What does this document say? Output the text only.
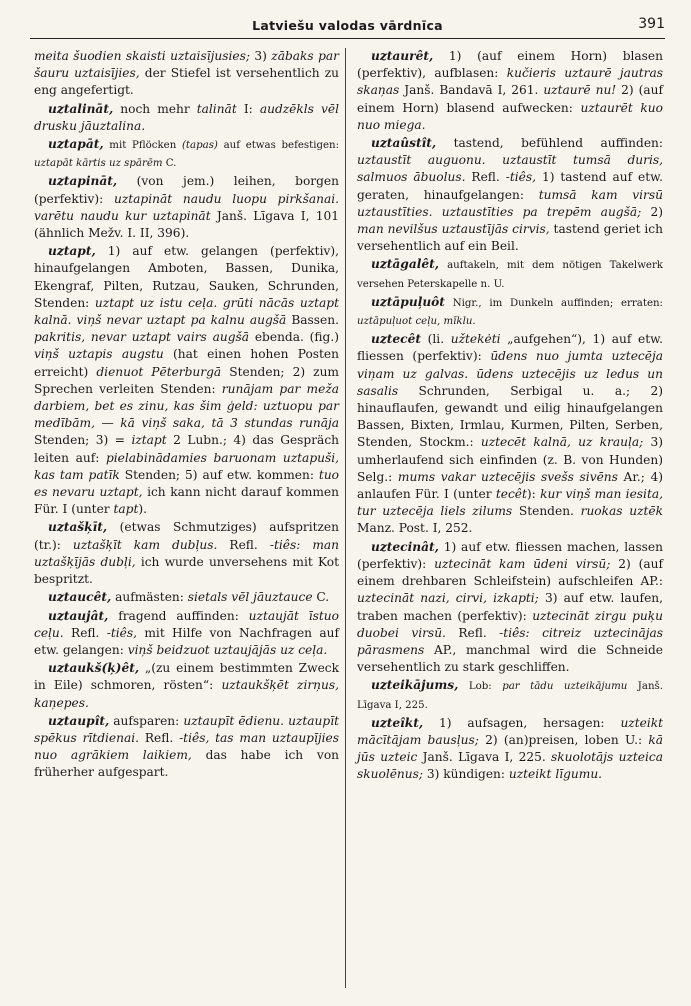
Latviešu valodas vārdnīca	391

meita šuodien skaisti uztaisījusies; 3) zābaks par šauru uztaisījies, der Stiefel ist versehentlich zu eng angefertigt.

uztalināt, noch mehr talināt I: audzēkls vēl drusku jāuztalina.

uztapāt, mit Pflöcken (tapas) auf etwas befestigen: uztapāt kārtis uz spārēm C.

uztapināt, (von jem.) leihen, borgen (perfektiv): uztapināt naudu luopu pirkšanai. varētu naudu kur uztapināt Janš. Līgava I, 101 (ähnlich Mežv. I. II, 396).

uztapt, 1) auf etw. gelangen (perfektiv), hinaufgelangen Amboten, Bassen, Dunika, Ekengraf, Pilten, Rutzau, Sauken, Schrunden, Stenden: uztapt uz istu ceļa. grūti nācās uztapt kalnā. viņš nevar uztapt pa kalnu augšā Bassen. pakritis, nevar uztapt vairs augšā ebenda. (fig.) viņš uztapis augstu (hat einen hohen Posten erreicht) dienuot Pēterburgā Stenden; 2) zum Sprechen verleiten Stenden: runājam par meža darbiem, bet es zinu, kas šim ģeld: uztuopu par medībām, — kā viņš saka, tā 3 stundas runāja Stenden; 3) = iztapt 2 Lubn.; 4) das Gespräch leiten auf: pielabinādamies baruonam uztapuši, kas tam patīk Stenden; 5) auf etw. kommen: tuo es nevaru uztapt, ich kann nicht darauf kommen Für. I (unter tapt).

uztašķīt, (etwas Schmutziges) aufspritzen (tr.): uztašķīt kam dubļus. Refl. -tiês: man uztašķījās dubļi, ich wurde unversehens mit Kot bespritzt.

uztaucêt, aufmästen: sietals vēl jāuztauce C.

uztaujât, fragend auffinden: uztaujāt īstuo ceļu. Refl. -tiês, mit Hilfe von Nachfragen auf etw. gelangen: viņš beidzuot uztaujājās uz ceļa.

uztaukš(ķ)êt, „(zu einem bestimmten Zweck in Eile) schmoren, rösten“: uztaukšķēt zirņus, kaņepes.

uztaupît, aufsparen: uztaupīt ēdienu. uztaupīt spēkus rītdienai. Refl. -tiês, tas man uztaupījies nuo agrākiem laikiem, das habe ich von früherher aufgespart.

uztaurêt, 1) (auf einem Horn) blasen (perfektiv), aufblasen: kučieris uztaurē jautras skaņas Janš. Bandavā I, 261. uztaurē nu! 2) (auf einem Horn) blasend aufwecken: uztaurēt kuo nuo miega.

uztaûstît, tastend, befühlend auffinden: uztaustīt auguonu. uztaustīt tumsā duris, salmuos ābuolus. Refl. -tiês, 1) tastend auf etw. geraten, hinaufgelangen: tumsā kam virsū uztaustīties. uztaustīties pa trepēm augšā; 2) man nevilšus uztaustījās cirvis, tastend geriet ich versehentlich auf ein Beil.

uztāgalêt, auftakeln, mit dem nötigen Takelwerk versehen Peterskapelle n. U.

uztāpuļuôt Nigr., im Dunkeln auffinden; erraten: uztāpuļuot ceļu, mīklu.

uztecêt (li. užtekėti „aufgehen“), 1) auf etw. fliessen (perfektiv): ūdens nuo jumta uztecēja viņam uz galvas. ūdens uztecējis uz ledus un sasalis Schrunden, Serbigal u. a.; 2) hinauflaufen, gewandt und eilig hinaufgelangen Bassen, Bixten, Irmlau, Kurmen, Pilten, Serben, Stenden, Stockm.: uztecēt kalnā, uz krauļa; 3) umherlaufend sich einfinden (z. B. von Hunden) Selg.: mums vakar uztecējis svešs sivēns Ar.; 4) anlaufen Für. I (unter tecêt): kur viņš man iesita, tur uztecēja liels zilums Stenden. ruokas uztēk Manz. Post. I, 252.

uztecinât, 1) auf etw. fliessen machen, lassen (perfektiv): uztecināt kam ūdeni virsū; 2) (auf einem drehbaren Schleifstein) aufschleifen AP.: uztecināt nazi, cirvi, izkapti; 3) auf etw. laufen, traben machen (perfektiv): uztecināt zirgu puķu duobei virsū. Refl. -tiês: citreiz uztecinājas pārasmens AP., manchmal wird die Schneide versehentlich zu stark geschliffen.

uzteikājums, Lob: par tādu uzteikājumu Janš. Līgava I, 225.

uzteîkt, 1) aufsagen, hersagen: uzteikt mācītājam bausļus; 2) (an)preisen, loben U.: kā jūs uzteic Janš. Līgava I, 225. skuolotājs uzteica skuolēnus; 3) kündigen: uzteikt līgumu.
